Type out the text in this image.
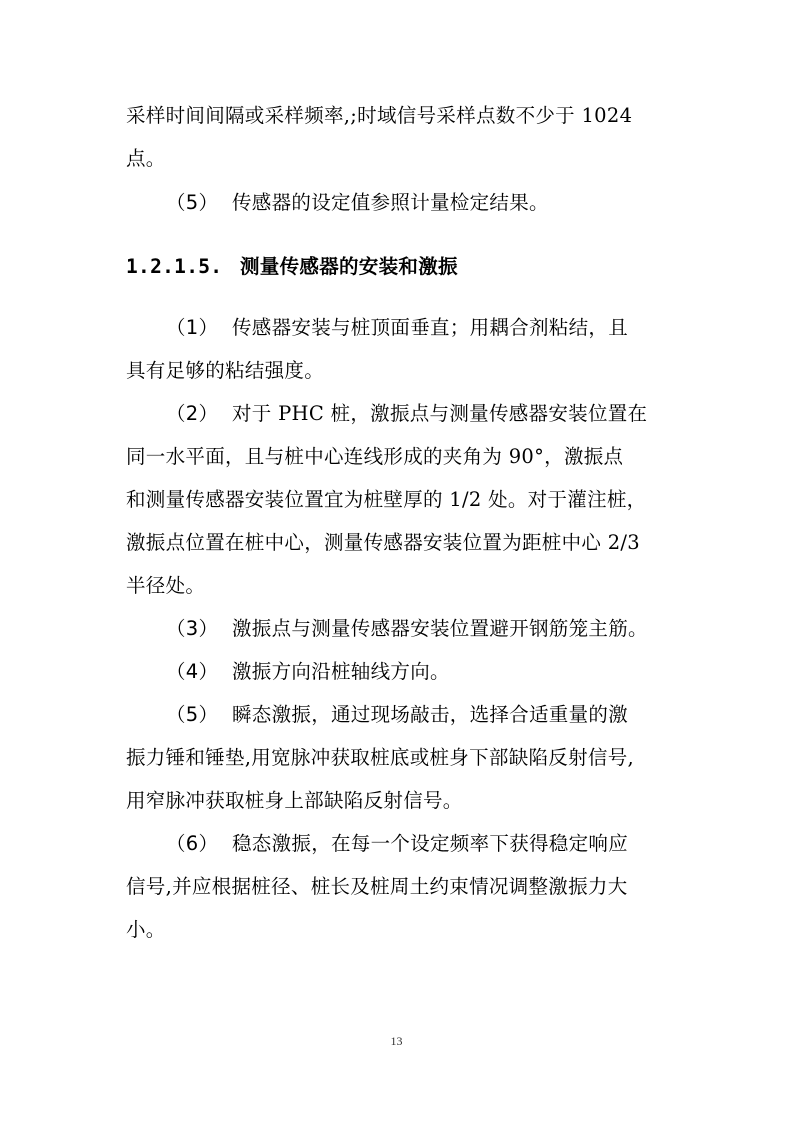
采样时间间隔或采样频率,;时域信号采样点数不少于 1024
点。
（5） 传感器的设定值参照计量检定结果。
1.2.1.5. 测量传感器的安装和激振
（1） 传感器安装与桩顶面垂直；用耦合剂粘结，且
具有足够的粘结强度。
（2） 对于 PHC 桩，激振点与测量传感器安装位置在
同一水平面，且与桩中心连线形成的夹角为 90°，激振点
和测量传感器安装位置宜为桩壁厚的 1/2 处。对于灌注桩，
激振点位置在桩中心，测量传感器安装位置为距桩中心 2/3
半径处。
（3） 激振点与测量传感器安装位置避开钢筋笼主筋。
（4） 激振方向沿桩轴线方向。
（5） 瞬态激振，通过现场敲击，选择合适重量的激
振力锤和锤垫,用宽脉冲获取桩底或桩身下部缺陷反射信号,
用窄脉冲获取桩身上部缺陷反射信号。
（6） 稳态激振，在每一个设定频率下获得稳定响应
信号,并应根据桩径、桩长及桩周土约束情况调整激振力大
小。
13
